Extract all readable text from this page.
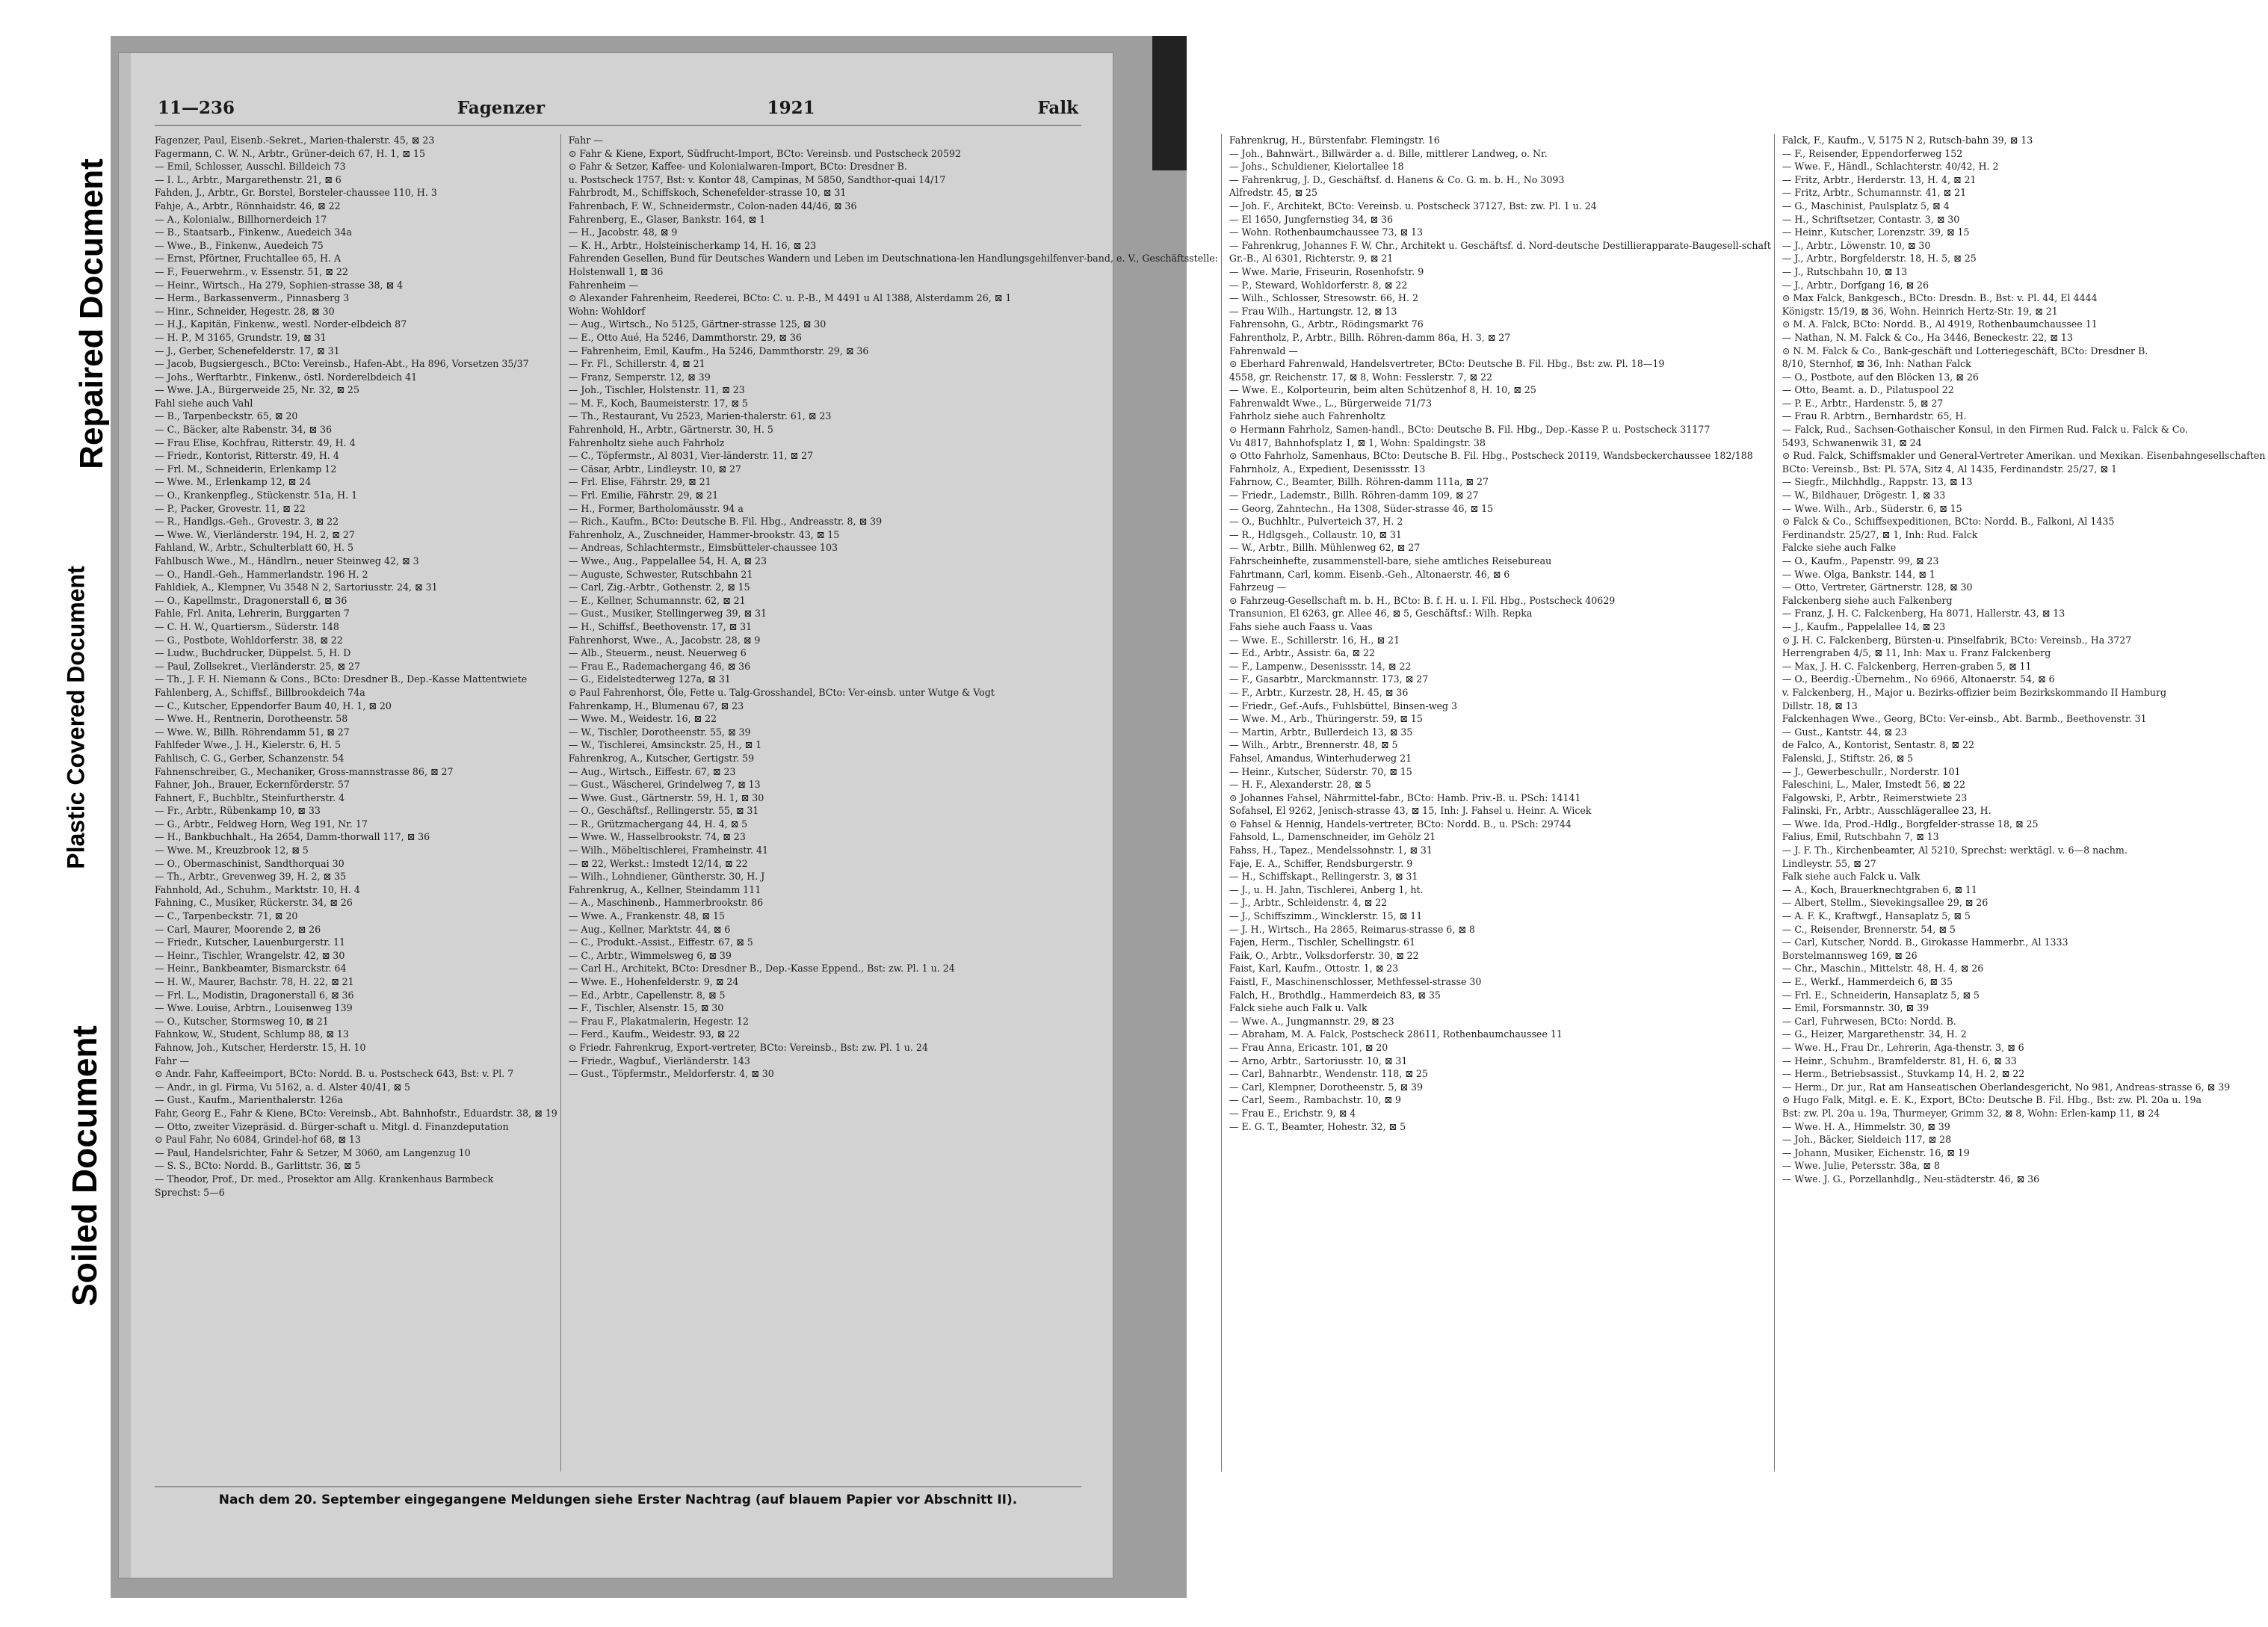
Soiled Document
Plastic Covered Document
Repaired Document
11—236	Fagenzer	1921	Falk
Fagenzer, Paul, Eisenb.-Sekret., Marien-thalerstr. 45, ⊠ 23
Fagermann, C. W. N., Arbtr., Grüner-deich 67, H. 1, ⊠ 15
— Emil, Schlosser, Ausschl. Billdeich 73
— I. L., Arbtr., Margarethenstr. 21, ⊠ 6
Fahden, J., Arbtr., Gr. Borstel, Borsteler-chaussee 110, H. 3
Fahje, A., Arbtr., Rönnhaidstr. 46, ⊠ 22
— A., Kolonialw., Billhornerdeich 17
— B., Staatsarb., Finkenw., Auedeich 34a
— Wwe., B., Finkenw., Auedeich 75
— Ernst, Pförtner, Fruchtallee 65, H. A
— F., Feuerwehrm., v. Essenstr. 51, ⊠ 22
— Heinr., Wirtsch., Ha 279, Sophien-strasse 38, ⊠ 4
— Herm., Barkassenverm., Pinnasberg 3
— Hinr., Schneider, Hegestr. 28, ⊠ 30
— H.J., Kapitän, Finkenw., westl. Norder-elbdeich 87
— H. P., M 3165, Grundstr. 19, ⊠ 31
— J., Gerber, Schenefelderstr. 17, ⊠ 31
— Jacob, Bugsiergesch., BCto: Vereinsb., Hafen-Abt., Ha 896, Vorsetzen 35/37
— Johs., Werftarbtr., Finkenw., östl. Norderelbdeich 41
— Wwe. J.A., Bürgerweide 25, Nr. 32, ⊠ 25
Fahl siehe auch Vahl
— B., Tarpenbeckstr. 65, ⊠ 20
— C., Bäcker, alte Rabenstr. 34, ⊠ 36
— Frau Elise, Kochfrau, Ritterstr. 49, H. 4
— Friedr., Kontorist, Ritterstr. 49, H. 4
— Frl. M., Schneiderin, Erlenkamp 12
— Wwe. M., Erlenkamp 12, ⊠ 24
— O., Krankenpfleg., Stückenstr. 51a, H. 1
— P., Packer, Grovestr. 11, ⊠ 22
— R., Handlgs.-Geh., Grovestr. 3, ⊠ 22
— Wwe. W., Vierländerstr. 194, H. 2, ⊠ 27
Fahland, W., Arbtr., Schulterblatt 60, H. 5
Fahlbusch Wwe., M., Händlrn., neuer Steinweg 42, ⊠ 3
— O., Handl.-Geh., Hammerlandstr. 196 H. 2
Fahldiek, A., Klempner, Vu 3548 N 2, Sartoriusstr. 24, ⊠ 31
— O., Kapellmstr., Dragonerstall 6, ⊠ 36
Fahle, Frl. Anita, Lehrerin, Burggarten 7
— C. H. W., Quartiersm., Süderstr. 148
— G., Postbote, Wohldorferstr. 38, ⊠ 22
— Ludw., Buchdrucker, Düppelst. 5, H. D
— Paul, Zollsekret., Vierländerstr. 25, ⊠ 27
— Th., J. F. H. Niemann & Cons., BCto: Dresdner B., Dep.-Kasse Mattentwiete
Fahlenberg, A., Schiffsf., Billbrookdeich 74a
— C., Kutscher, Eppendorfer Baum 40, H. 1, ⊠ 20
— Wwe. H., Rentnerin, Dorotheenstr. 58
— Wwe. W., Billh. Röhrendamm 51, ⊠ 27
Fahlfeder Wwe., J. H., Kielerstr. 6, H. 5
Fahlisch, C. G., Gerber, Schanzenstr. 54
Fahnenschreiber, G., Mechaniker, Gross-mannstrasse 86, ⊠ 27
Fahner, Joh., Brauer, Eckernförderstr. 57
Fahnert, F., Buchbltr., Steinfurtherstr. 4
— Fr., Arbtr., Rübenkamp 10, ⊠ 33
— G., Arbtr., Feldweg Horn, Weg 191, Nr. 17
— H., Bankbuchhalt., Ha 2654, Damm-thorwall 117, ⊠ 36
— Wwe. M., Kreuzbrook 12, ⊠ 5
— O., Obermaschinist, Sandthorquai 30
— Th., Arbtr., Grevenweg 39, H. 2, ⊠ 35
Fahnhold, Ad., Schuhm., Marktstr. 10, H. 4
Fahning, C., Musiker, Rückerstr. 34, ⊠ 26
— C., Tarpenbeckstr. 71, ⊠ 20
— Carl, Maurer, Moorende 2, ⊠ 26
— Friedr., Kutscher, Lauenburgerstr. 11
— Heinr., Tischler, Wrangelstr. 42, ⊠ 30
— Heinr., Bankbeamter, Bismarckstr. 64
— H. W., Maurer, Bachstr. 78, H. 22, ⊠ 21
— Frl. L., Modistin, Dragonerstall 6, ⊠ 36
— Wwe. Louise, Arbtrn., Louisenweg 139
— O., Kutscher, Stormsweg 10, ⊠ 21
Fahnkow, W., Student, Schlump 88, ⊠ 13
Fahnow, Joh., Kutscher, Herderstr. 15, H. 10
Fahr —
⊙ Andr. Fahr, Kaffeeimport, BCto: Nordd. B. u. Postscheck 643, Bst: v. Pl. 7
— Andr., in gl. Firma, Vu 5162, a. d. Alster 40/41, ⊠ 5
— Gust., Kaufm., Marienthalerstr. 126a
Fahr, Georg E., Fahr & Kiene, BCto: Vereinsb., Abt. Bahnhofstr., Eduardstr. 38, ⊠ 19
— Otto, zweiter Vizepräsid. d. Bürger-schaft u. Mitgl. d. Finanzdeputation
⊙ Paul Fahr, No 6084, Grindel-hof 68, ⊠ 13
— Paul, Handelsrichter, Fahr & Setzer, M 3060, am Langenzug 10
— S. S., BCto: Nordd. B., Garlittstr. 36, ⊠ 5
— Theodor, Prof., Dr. med., Prosektor am Allg. Krankenhaus Barmbeck
Sprechst: 5—6
Fahr —
⊙ Fahr & Kiene, Export, Südfrucht-Import, BCto: Vereinsb. und Postscheck 20592
⊙ Fahr & Setzer, Kaffee- und Kolonialwaren-Import, BCto: Dresdner B.
u. Postscheck 1757, Bst: v. Kontor 48, Campinas, M 5850, Sandthor-quai 14/17
Fahrbrodt, M., Schiffskoch, Schenefelder-strasse 10, ⊠ 31
Fahrenbach, F. W., Schneidermstr., Colon-naden 44/46, ⊠ 36
Fahrenberg, E., Glaser, Bankstr. 164, ⊠ 1
— H., Jacobstr. 48, ⊠ 9
— K. H., Arbtr., Holsteinischerkamp 14, H. 16, ⊠ 23
Fahrenden Gesellen, Bund für Deutsches Wandern und Leben im Deutschnationa-len Handlungsgehilfenver-band, e. V., Geschäftsstelle:
Holstenwall 1, ⊠ 36
Fahrenheim —
⊙ Alexander Fahrenheim, Reederei, BCto: C. u. P.-B., M 4491 u Al 1388, Alsterdamm 26, ⊠ 1
Wohn: Wohldorf
— Aug., Wirtsch., No 5125, Gärtner-strasse 125, ⊠ 30
— E., Otto Aué, Ha 5246, Dammthorstr. 29, ⊠ 36
— Fahrenheim, Emil, Kaufm., Ha 5246, Dammthorstr. 29, ⊠ 36
— Fr. Fl., Schillerstr. 4, ⊠ 21
— Franz, Semperstr. 12, ⊠ 39
— Joh., Tischler, Holstenstr. 11, ⊠ 23
— M. F., Koch, Baumeisterstr. 17, ⊠ 5
— Th., Restaurant, Vu 2523, Marien-thalerstr. 61, ⊠ 23
Fahrenhold, H., Arbtr., Gärtnerstr. 30, H. 5
Fahrenholtz siehe auch Fahrholz
— C., Töpfermstr., Al 8031, Vier-länderstr. 11, ⊠ 27
— Cäsar, Arbtr., Lindleystr. 10, ⊠ 27
— Frl. Elise, Fährstr. 29, ⊠ 21
— Frl. Emilie, Fährstr. 29, ⊠ 21
— H., Former, Bartholomäusstr. 94 a
— Rich., Kaufm., BCto: Deutsche B. Fil. Hbg., Andreasstr. 8, ⊠ 39
Fahrenholz, A., Zuschneider, Hammer-brookstr. 43, ⊠ 15
— Andreas, Schlachtermstr., Eimsbütteler-chaussee 103
— Wwe., Aug., Pappelallee 54, H. A, ⊠ 23
— Auguste, Schwester, Rutschbahn 21
— Carl, Zig.-Arbtr., Gothenstr. 2, ⊠ 15
— E., Kellner, Schumannstr. 62, ⊠ 21
— Gust., Musiker, Stellingerweg 39, ⊠ 31
— H., Schiffsf., Beethovenstr. 17, ⊠ 31
Fahrenhorst, Wwe., A., Jacobstr. 28, ⊠ 9
— Alb., Steuerm., neust. Neuerweg 6
— Frau E., Rademachergang 46, ⊠ 36
— G., Eidelstedterweg 127a, ⊠ 31
⊙ Paul Fahrenhorst, Öle, Fette u. Talg-Grosshandel, BCto: Ver-einsb. unter Wutge & Vogt
Fahrenkamp, H., Blumenau 67, ⊠ 23
— Wwe. M., Weidestr. 16, ⊠ 22
— W., Tischler, Dorotheenstr. 55, ⊠ 39
— W., Tischlerei, Amsinckstr. 25, H., ⊠ 1
Fahrenkrog, A., Kutscher, Gertigstr. 59
— Aug., Wirtsch., Eiffestr. 67, ⊠ 23
— Gust., Wäscherei, Grindelweg 7, ⊠ 13
— Wwe. Gust., Gärtnerstr. 59, H. 1, ⊠ 30
— O., Geschäftsf., Rellingerstr. 55, ⊠ 31
— R., Grützmachergang 44, H. 4, ⊠ 5
— Wwe. W., Hasselbrookstr. 74, ⊠ 23
— Wilh., Möbeltischlerei, Framheinstr. 41
— ⊠ 22, Werkst.: Imstedt 12/14, ⊠ 22
— Wilh., Lohndiener, Güntherstr. 30, H. J
Fahrenkrug, A., Kellner, Steindamm 111
— A., Maschinenb., Hammerbrookstr. 86
— Wwe. A., Frankenstr. 48, ⊠ 15
— Aug., Kellner, Marktstr. 44, ⊠ 6
— C., Produkt.-Assist., Eiffestr. 67, ⊠ 5
— C., Arbtr., Wimmelsweg 6, ⊠ 39
— Carl H., Architekt, BCto: Dresdner B., Dep.-Kasse Eppend., Bst: zw. Pl. 1 u. 24
— Wwe. E., Hohenfelderstr. 9, ⊠ 24
— Ed., Arbtr., Capellenstr. 8, ⊠ 5
— F., Tischler, Alsenstr. 15, ⊠ 30
— Frau F., Plakatmalerin, Hegestr. 12
— Ferd., Kaufm., Weidestr. 93, ⊠ 22
⊙ Friedr. Fahrenkrug, Export-vertreter, BCto: Vereinsb., Bst: zw. Pl. 1 u. 24
— Friedr., Wagbuf., Vierländerstr. 143
— Gust., Töpfermstr., Meldorferstr. 4, ⊠ 30
Fahrenkrug, H., Bürstenfabr. Flemingstr. 16
— Joh., Bahnwärt., Billwärder a. d. Bille, mittlerer Landweg, o. Nr.
— Johs., Schuldiener, Kielortallee 18
— Fahrenkrug, J. D., Geschäftsf. d. Hanens & Co. G. m. b. H., No 3093
Alfredstr. 45, ⊠ 25
— Joh. F., Architekt, BCto: Vereinsb. u. Postscheck 37127, Bst: zw. Pl. 1 u. 24
— El 1650, Jungfernstieg 34, ⊠ 36
— Wohn. Rothenbaumchaussee 73, ⊠ 13
— Fahrenkrug, Johannes F. W. Chr., Architekt u. Geschäftsf. d. Nord-deutsche Destillierapparate-Baugesell-schaft
Gr.-B., Al 6301, Richterstr. 9, ⊠ 21
— Wwe. Marie, Friseurin, Rosenhofstr. 9
— P., Steward, Wohldorferstr. 8, ⊠ 22
— Wilh., Schlosser, Stresowstr. 66, H. 2
— Frau Wilh., Hartungstr. 12, ⊠ 13
Fahrensohn, G., Arbtr., Rödingsmarkt 76
Fahrentholz, P., Arbtr., Billh. Röhren-damm 86a, H. 3, ⊠ 27
Fahrenwald —
⊙ Eberhard Fahrenwald, Handelsvertreter, BCto: Deutsche B. Fil. Hbg., Bst: zw. Pl. 18—19
4558, gr. Reichenstr. 17, ⊠ 8, Wohn: Fesslerstr. 7, ⊠ 22
— Wwe. E., Kolporteurin, beim alten Schützenhof 8, H. 10, ⊠ 25
Fahrenwaldt Wwe., L., Bürgerweide 71/73
Fahrholz siehe auch Fahrenholtz
⊙ Hermann Fahrholz, Samen-handl., BCto: Deutsche B. Fil. Hbg., Dep.-Kasse P. u. Postscheck 31177
Vu 4817, Bahnhofsplatz 1, ⊠ 1, Wohn: Spaldingstr. 38
⊙ Otto Fahrholz, Samenhaus, BCto: Deutsche B. Fil. Hbg., Postscheck 20119, Wandsbeckerchaussee 182/188
Fahrnholz, A., Expedient, Desenissstr. 13
Fahrnow, C., Beamter, Billh. Röhren-damm 111a, ⊠ 27
— Friedr., Lademstr., Billh. Röhren-damm 109, ⊠ 27
— Georg, Zahntechn., Ha 1308, Süder-strasse 46, ⊠ 15
— O., Buchhltr., Pulverteich 37, H. 2
— R., Hdlgsgeh., Collaustr. 10, ⊠ 31
— W., Arbtr., Billh. Mühlenweg 62, ⊠ 27
Fahrscheinhefte, zusammenstell-bare, siehe amtliches Reisebureau
Fahrtmann, Carl, komm. Eisenb.-Geh., Altonaerstr. 46, ⊠ 6
Fahrzeug —
⊙ Fahrzeug-Gesellschaft m. b. H., BCto: B. f. H. u. I. Fil. Hbg., Postscheck 40629
Transunion, El 6263, gr. Allee 46, ⊠ 5, Geschäftsf.: Wilh. Repka
Fahs siehe auch Faass u. Vaas
— Wwe. E., Schillerstr. 16, H., ⊠ 21
— Ed., Arbtr., Assistr. 6a, ⊠ 22
— F., Lampenw., Desenissstr. 14, ⊠ 22
— F., Gasarbtr., Marckmannstr. 173, ⊠ 27
— F., Arbtr., Kurzestr. 28, H. 45, ⊠ 36
— Friedr., Gef.-Aufs., Fuhlsbüttel, Binsen-weg 3
— Wwe. M., Arb., Thüringerstr. 59, ⊠ 15
— Martin, Arbtr., Bullerdeich 13, ⊠ 35
— Wilh., Arbtr., Brennerstr. 48, ⊠ 5
Fahsel, Amandus, Winterhuderweg 21
— Heinr., Kutscher, Süderstr. 70, ⊠ 15
— H. F., Alexanderstr. 28, ⊠ 5
⊙ Johannes Fahsel, Nährmittel-fabr., BCto: Hamb. Priv.-B. u. PSch: 14141
Sofahsel, El 9262, Jenisch-strasse 43, ⊠ 15, Inh: J. Fahsel u. Heinr. A. Wicek
⊙ Fahsel & Hennig, Handels-vertreter, BCto: Nordd. B., u. PSch: 29744
Fahsold, L., Damenschneider, im Gehölz 21
Fahss, H., Tapez., Mendelssohnstr. 1, ⊠ 31
Faje, E. A., Schiffer, Rendsburgerstr. 9
— H., Schiffskapt., Rellingerstr. 3, ⊠ 31
— J., u. H. Jahn, Tischlerei, Anberg 1, ht.
— J., Arbtr., Schleidenstr. 4, ⊠ 22
— J., Schiffszimm., Wincklerstr. 15, ⊠ 11
— J. H., Wirtsch., Ha 2865, Reimarus-strasse 6, ⊠ 8
Fajen, Herm., Tischler, Schellingstr. 61
Faik, O., Arbtr., Volksdorferstr. 30, ⊠ 22
Faist, Karl, Kaufm., Ottostr. 1, ⊠ 23
Faistl, F., Maschinenschlosser, Methfessel-strasse 30
Falch, H., Brothdlg., Hammerdeich 83, ⊠ 35
Falck siehe auch Falk u. Valk
— Wwe. A., Jungmannstr. 29, ⊠ 23
— Abraham, M. A. Falck, Postscheck 28611, Rothenbaumchaussee 11
— Frau Anna, Ericastr. 101, ⊠ 20
— Arno, Arbtr., Sartoriusstr. 10, ⊠ 31
— Carl, Bahnarbtr., Wendenstr. 118, ⊠ 25
— Carl, Klempner, Dorotheenstr. 5, ⊠ 39
— Carl, Seem., Rambachstr. 10, ⊠ 9
— Frau E., Erichstr. 9, ⊠ 4
— E. G. T., Beamter, Hohestr. 32, ⊠ 5
Falck, F., Kaufm., V, 5175 N 2, Rutsch-bahn 39, ⊠ 13
— F., Reisender, Eppendorferweg 152
— Wwe. F., Händl., Schlachterstr. 40/42, H. 2
— Fritz, Arbtr., Herderstr. 13, H. 4, ⊠ 21
— Fritz, Arbtr., Schumannstr. 41, ⊠ 21
— G., Maschinist, Paulsplatz 5, ⊠ 4
— H., Schriftsetzer, Contastr. 3, ⊠ 30
— Heinr., Kutscher, Lorenzstr. 39, ⊠ 15
— J., Arbtr., Löwenstr. 10, ⊠ 30
— J., Arbtr., Borgfelderstr. 18, H. 5, ⊠ 25
— J., Rutschbahn 10, ⊠ 13
— J., Arbtr., Dorfgang 16, ⊠ 26
⊙ Max Falck, Bankgesch., BCto: Dresdn. B., Bst: v. Pl. 44, El 4444
Königstr. 15/19, ⊠ 36, Wohn. Heinrich Hertz-Str. 19, ⊠ 21
⊙ M. A. Falck, BCto: Nordd. B., Al 4919, Rothenbaumchaussee 11
— Nathan, N. M. Falck & Co., Ha 3446, Beneckestr. 22, ⊠ 13
⊙ N. M. Falck & Co., Bank-geschäft und Lotteriegeschäft, BCto: Dresdner B.
8/10, Sternhof, ⊠ 36, Inh: Nathan Falck
— O., Postbote, auf den Blöcken 13, ⊠ 26
— Otto, Beamt. a. D., Pilatuspool 22
— P. E., Arbtr., Hardenstr. 5, ⊠ 27
— Frau R. Arbtrn., Bernhardstr. 65, H.
— Falck, Rud., Sachsen-Gothaischer Konsul, in den Firmen Rud. Falck u. Falck & Co.
5493, Schwanenwik 31, ⊠ 24
⊙ Rud. Falck, Schiffsmakler und General-Vertreter Amerikan. und Mexikan. Eisenbahngesellschaften
BCto: Vereinsb., Bst: Pl. 57A, Sitz 4, Al 1435, Ferdinandstr. 25/27, ⊠ 1
— Siegfr., Milchhdlg., Rappstr. 13, ⊠ 13
— W., Bildhauer, Drögestr. 1, ⊠ 33
— Wwe. Wilh., Arb., Süderstr. 6, ⊠ 15
⊙ Falck & Co., Schiffsexpeditionen, BCto: Nordd. B., Falkoni, Al 1435
Ferdinandstr. 25/27, ⊠ 1, Inh: Rud. Falck
Falcke siehe auch Falke
— O., Kaufm., Papenstr. 99, ⊠ 23
— Wwe. Olga, Bankstr. 144, ⊠ 1
— Otto, Vertreter, Gärtnerstr. 128, ⊠ 30
Falckenberg siehe auch Falkenberg
— Franz, J. H. C. Falckenberg, Ha 8071, Hallerstr. 43, ⊠ 13
— J., Kaufm., Pappelallee 14, ⊠ 23
⊙ J. H. C. Falckenberg, Bürsten-u. Pinselfabrik, BCto: Vereinsb., Ha 3727
Herrengraben 4/5, ⊠ 11, Inh: Max u. Franz Falckenberg
— Max, J. H. C. Falckenberg, Herren-graben 5, ⊠ 11
— O., Beerdig.-Übernehm., No 6966, Altonaerstr. 54, ⊠ 6
v. Falckenberg, H., Major u. Bezirks-offizier beim Bezirkskommando II Hamburg
Dillstr. 18, ⊠ 13
Falckenhagen Wwe., Georg, BCto: Ver-einsb., Abt. Barmb., Beethovenstr. 31
— Gust., Kantstr. 44, ⊠ 23
de Falco, A., Kontorist, Sentastr. 8, ⊠ 22
Falenski, J., Stiftstr. 26, ⊠ 5
— J., Gewerbeschullr., Norderstr. 101
Faleschini, L., Maler, Imstedt 56, ⊠ 22
Falgowski, P., Arbtr., Reimerstwiete 23
Falinski, Fr., Arbtr., Ausschlägerallee 23, H.
— Wwe. Ida, Prod.-Hdlg., Borgfelder-strasse 18, ⊠ 25
Falius, Emil, Rutschbahn 7, ⊠ 13
— J. F. Th., Kirchenbeamter, Al 5210, Sprechst: werktägl. v. 6—8 nachm.
Lindleystr. 55, ⊠ 27
Falk siehe auch Falck u. Valk
— A., Koch, Brauerknechtgraben 6, ⊠ 11
— Albert, Stellm., Sievekingsallee 29, ⊠ 26
— A. F. K., Kraftwgf., Hansaplatz 5, ⊠ 5
— C., Reisender, Brennerstr. 54, ⊠ 5
— Carl, Kutscher, Nordd. B., Girokasse Hammerbr., Al 1333
Borstelmannsweg 169, ⊠ 26
— Chr., Maschin., Mittelstr. 48, H. 4, ⊠ 26
— E., Werkf., Hammerdeich 6, ⊠ 35
— Frl. E., Schneiderin, Hansaplatz 5, ⊠ 5
— Emil, Forsmannstr. 30, ⊠ 39
— Carl, Fuhrwesen, BCto: Nordd. B.
— G., Heizer, Margarethenstr. 34, H. 2
— Wwe. H., Frau Dr., Lehrerin, Aga-thenstr. 3, ⊠ 6
— Heinr., Schuhm., Bramfelderstr. 81, H. 6, ⊠ 33
— Herm., Betriebsassist., Stuvkamp 14, H. 2, ⊠ 22
— Herm., Dr. jur., Rat am Hanseatischen Oberlandesgericht, No 981, Andreas-strasse 6, ⊠ 39
⊙ Hugo Falk, Mitgl. e. E. K., Export, BCto: Deutsche B. Fil. Hbg., Bst: zw. Pl. 20a u. 19a
Bst: zw. Pl. 20a u. 19a, Thurmeyer, Grimm 32, ⊠ 8, Wohn: Erlen-kamp 11, ⊠ 24
— Wwe. H. A., Himmelstr. 30, ⊠ 39
— Joh., Bäcker, Sieldeich 117, ⊠ 28
— Johann, Musiker, Eichenstr. 16, ⊠ 19
— Wwe. Julie, Petersstr. 38a, ⊠ 8
— Wwe. J. G., Porzellanhdlg., Neu-städterstr. 46, ⊠ 36
Nach dem 20. September eingegangene Meldungen siehe Erster Nachtrag (auf blauem Papier vor Abschnitt II).
